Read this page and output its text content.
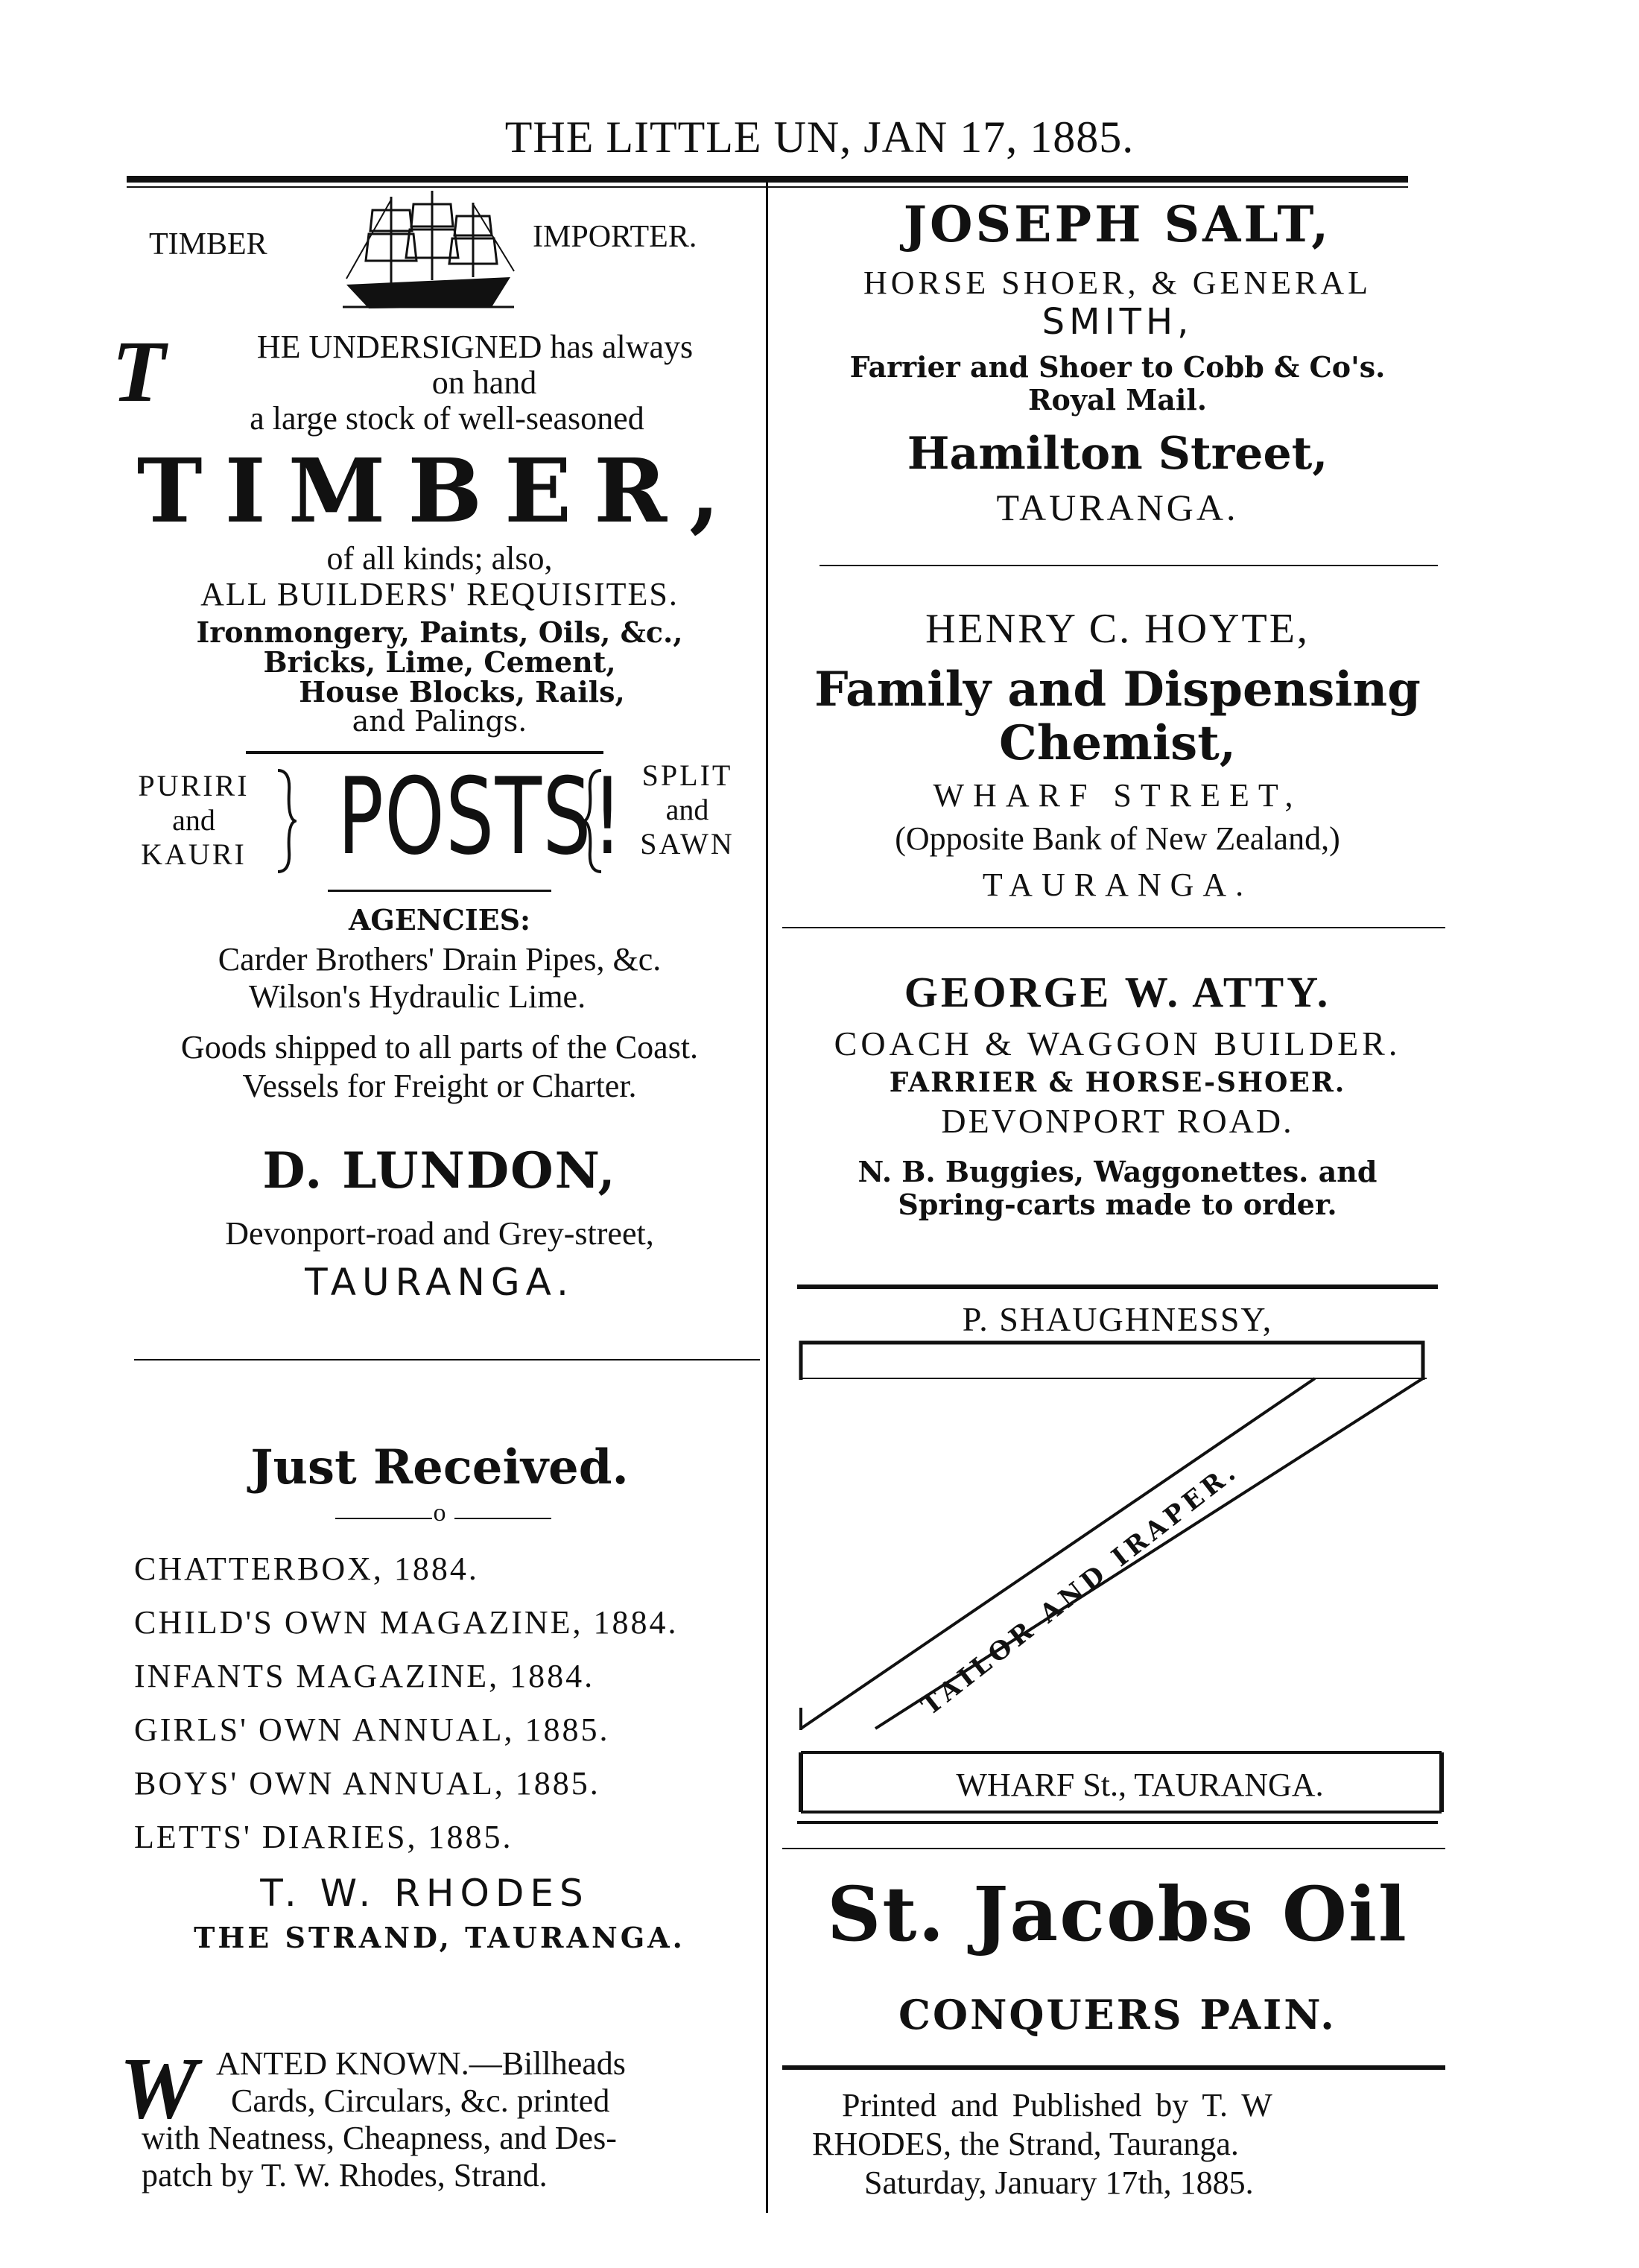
THE LITTLE UN, JAN 17, 1885.
TIMBER	IMPORTER.
T	HE UNDERSIGNED has always
on hand
a large stock of well-seasoned
TIMBER,
of all kinds; also,
ALL BUILDERS' REQUISITES.
Ironmongery, Paints, Oils, &c.,
Bricks, Lime, Cement,
House Blocks, Rails,
and Palings.
PURIRI
and
KAURI POSTS! SPLIT
and
SAWN
AGENCIES:
Carder Brothers' Drain Pipes, &c.
Wilson's Hydraulic Lime.
Goods shipped to all parts of the Coast.
Vessels for Freight or Charter.
D. LUNDON,
Devonport-road and Grey-street,
TAURANGA.
Just Received.
o
CHATTERBOX, 1884.
CHILD'S OWN MAGAZINE, 1884.
INFANTS MAGAZINE, 1884.
GIRLS' OWN ANNUAL, 1885.
BOYS' OWN ANNUAL, 1885.
LETTS' DIARIES, 1885.
T. W. RHODES
THE STRAND, TAURANGA.
W ANTED KNOWN.—Billheads
Cards, Circulars, &c. printed
with Neatness, Cheapness, and Des-
patch by T. W. Rhodes, Strand.
JOSEPH SALT,
HORSE SHOER, & GENERAL
SMITH,
Farrier and Shoer to Cobb & Co's.
Royal Mail.
Hamilton Street,
TAURANGA.
HENRY C. HOYTE,
Family and Dispensing
Chemist,
WHARF STREET,
(Opposite Bank of New Zealand,)
TAURANGA.
GEORGE W. ATTY.
COACH & WAGGON BUILDER.
FARRIER & HORSE-SHOER.
DEVONPORT ROAD.
N. B. Buggies, Waggonettes. and
Spring-carts made to order.
P. SHAUGHNESSY,
TAILOR AND IRAPER.
WHARF St., TAURANGA.
St. Jacobs Oil
CONQUERS PAIN.
Printed and Published by T. W
RHODES, the Strand, Tauranga.
Saturday, January 17th, 1885.
